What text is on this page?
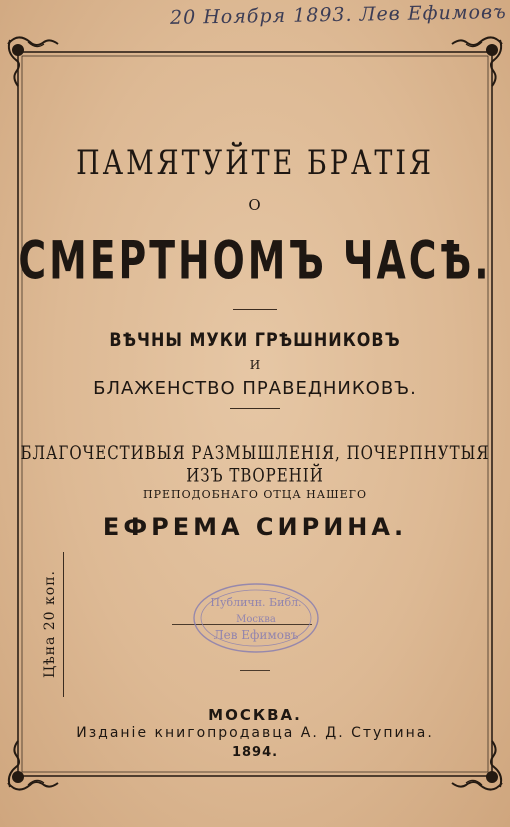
20 Ноября 1893. Лев Ефимовъ
ПАМЯТУЙТЕ БРАТІЯ
О
СМЕРТНОМЪ ЧАСѢ.
ВѢЧНЫ МУКИ ГРѢШНИКОВЪ
И
БЛАЖЕНСТВО ПРАВЕДНИКОВЪ.
БЛАГОЧЕСТИВЫЯ РАЗМЫШЛЕНІЯ, ПОЧЕРПНУТЫЯ ИЗЪ ТВОРЕНІЙ
ПРЕПОДОБНАГО ОТЦА НАШЕГО
ЕФРЕМА СИРИНА.
Цѣна 20 коп.	Публичн. Библ.
Москва
Лев Ефимовъ
МОСКВА.
Изданіе книгопродавца А. Д. Ступина.
1894.
